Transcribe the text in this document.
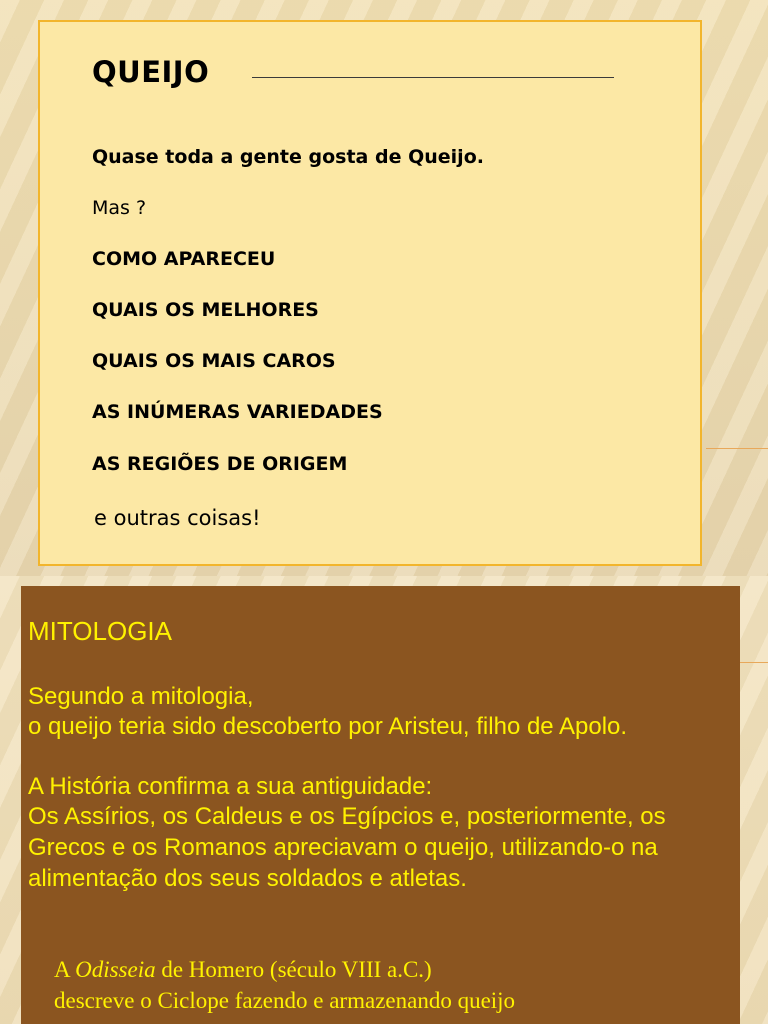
QUEIJO
Quase toda a gente gosta de Queijo.
Mas ?
COMO APARECEU
QUAIS OS MELHORES
QUAIS OS MAIS CAROS
AS INÚMERAS VARIEDADES
AS REGIÕES DE ORIGEM
e outras coisas!
MITOLOGIA
Segundo a mitologia,
o queijo teria sido descoberto por Aristeu, filho de Apolo.
A História confirma a sua antiguidade:
Os Assírios, os Caldeus e os Egípcios e, posteriormente, os
Grecos e os Romanos apreciavam o queijo, utilizando-o na
alimentação dos seus soldados e atletas.
A Odisseia de Homero (século VIII a.C.)
descreve o Ciclope fazendo e armazenando queijo
